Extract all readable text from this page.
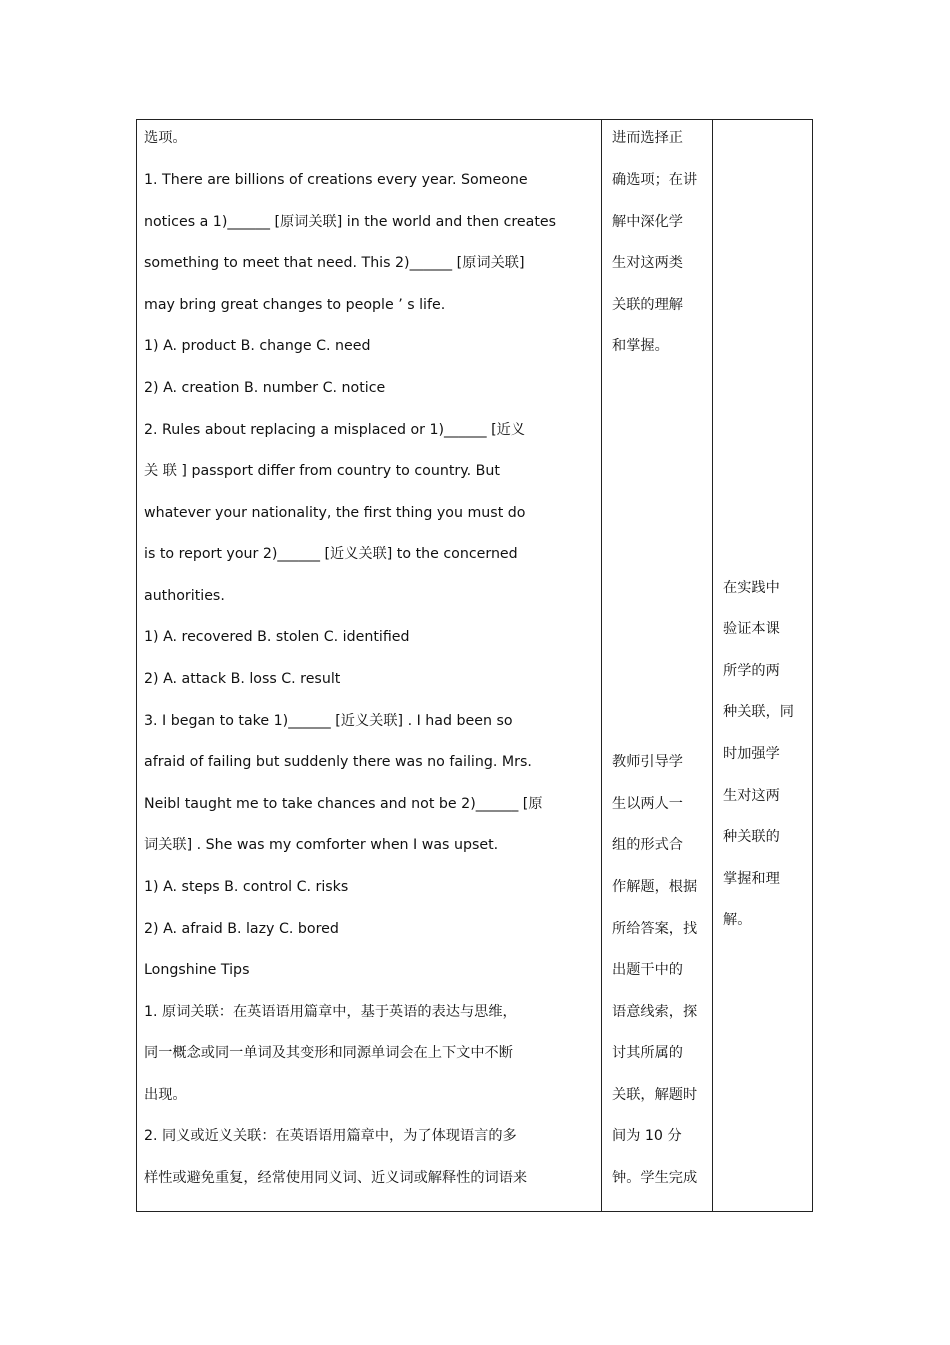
选项。
1. There are billions of creations every year. Someone
notices a 1)______ [原词关联] in the world and then creates
something to meet that need. This 2)______ [原词关联]
may bring great changes to people ’ s life.
1) A. product B. change C. need
2) A. creation B. number C. notice
2. Rules about replacing a misplaced or 1)______ [近义
关 联 ] passport differ from country to country. But
whatever your nationality, the first thing you must do
is to report your 2)______ [近义关联] to the concerned
authorities.
1) A. recovered B. stolen C. identified
2) A. attack B. loss C. result
3. I began to take 1)______ [近义关联] . I had been so
afraid of failing but suddenly there was no failing. Mrs.
Neibl taught me to take chances and not be 2)______ [原
词关联] . She was my comforter when I was upset.
1) A. steps B. control C. risks
2) A. afraid B. lazy C. bored
Longshine Tips
1. 原词关联：在英语语用篇章中，基于英语的表达与思维，
同一概念或同一单词及其变形和同源单词会在上下文中不断
出现。
2. 同义或近义关联：在英语语用篇章中，为了体现语言的多
样性或避免重复，经常使用同义词、近义词或解释性的词语来
进而选择正
确选项；在讲
解中深化学
生对这两类
关联的理解
和掌握。
教师引导学
生以两人一
组的形式合
作解题，根据
所给答案，找
出题干中的
语意线索，探
讨其所属的
关联，解题时
间为 10 分
钟。学生完成
在实践中
验证本课
所学的两
种关联，同
时加强学
生对这两
种关联的
掌握和理
解。
